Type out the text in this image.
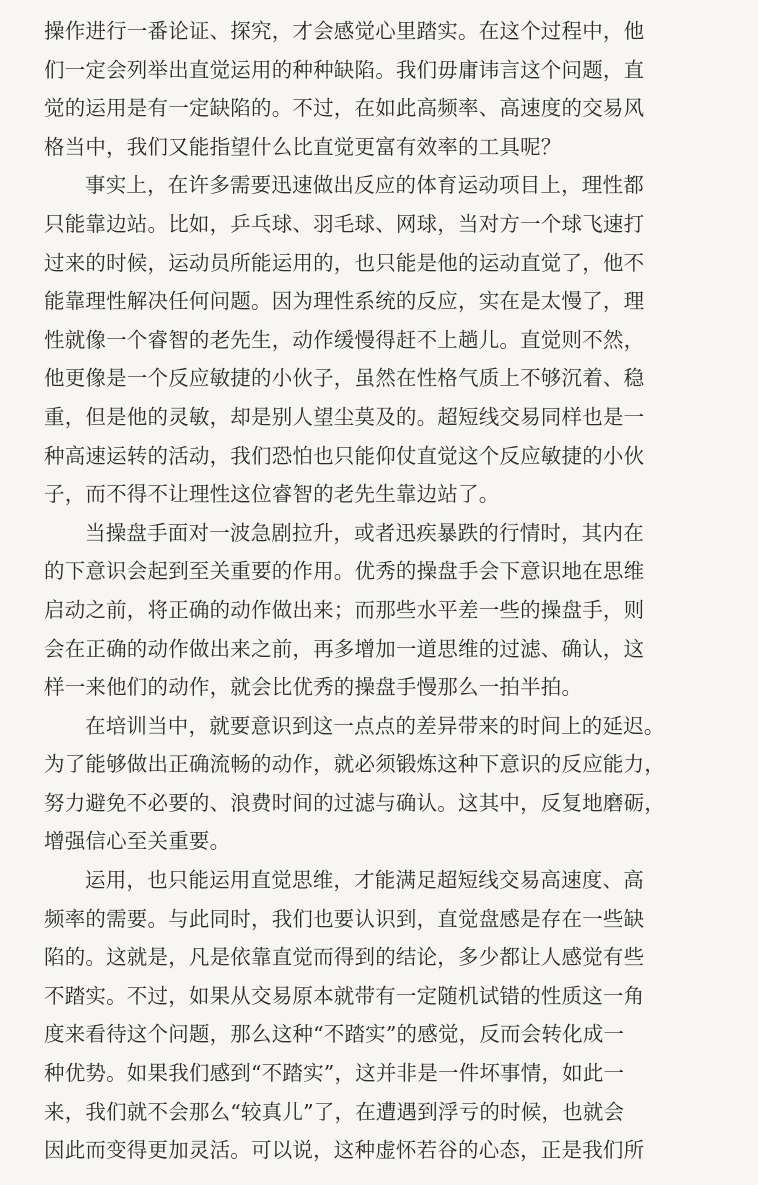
操作进行一番论证、探究，才会感觉心里踏实。在这个过程中，他
们一定会列举出直觉运用的种种缺陷。我们毋庸讳言这个问题，直
觉的运用是有一定缺陷的。不过，在如此高频率、高速度的交易风
格当中，我们又能指望什么比直觉更富有效率的工具呢？
事实上，在许多需要迅速做出反应的体育运动项目上，理性都
只能靠边站。比如，乒乓球、羽毛球、网球，当对方一个球飞速打
过来的时候，运动员所能运用的，也只能是他的运动直觉了，他不
能靠理性解决任何问题。因为理性系统的反应，实在是太慢了，理
性就像一个睿智的老先生，动作缓慢得赶不上趟儿。直觉则不然，
他更像是一个反应敏捷的小伙子，虽然在性格气质上不够沉着、稳
重，但是他的灵敏，却是别人望尘莫及的。超短线交易同样也是一
种高速运转的活动，我们恐怕也只能仰仗直觉这个反应敏捷的小伙
子，而不得不让理性这位睿智的老先生靠边站了。
当操盘手面对一波急剧拉升，或者迅疾暴跌的行情时，其内在
的下意识会起到至关重要的作用。优秀的操盘手会下意识地在思维
启动之前，将正确的动作做出来；而那些水平差一些的操盘手，则
会在正确的动作做出来之前，再多增加一道思维的过滤、确认，这
样一来他们的动作，就会比优秀的操盘手慢那么一拍半拍。
在培训当中，就要意识到这一点点的差异带来的时间上的延迟。
为了能够做出正确流畅的动作，就必须锻炼这种下意识的反应能力，
努力避免不必要的、浪费时间的过滤与确认。这其中，反复地磨砺，
增强信心至关重要。
运用，也只能运用直觉思维，才能满足超短线交易高速度、高
频率的需要。与此同时，我们也要认识到，直觉盘感是存在一些缺
陷的。这就是，凡是依靠直觉而得到的结论，多少都让人感觉有些
不踏实。不过，如果从交易原本就带有一定随机试错的性质这一角
度来看待这个问题，那么这种“不踏实”的感觉，反而会转化成一
种优势。如果我们感到“不踏实”，这并非是一件坏事情，如此一
来，我们就不会那么“较真儿”了，在遭遇到浮亏的时候，也就会
因此而变得更加灵活。可以说，这种虚怀若谷的心态，正是我们所
